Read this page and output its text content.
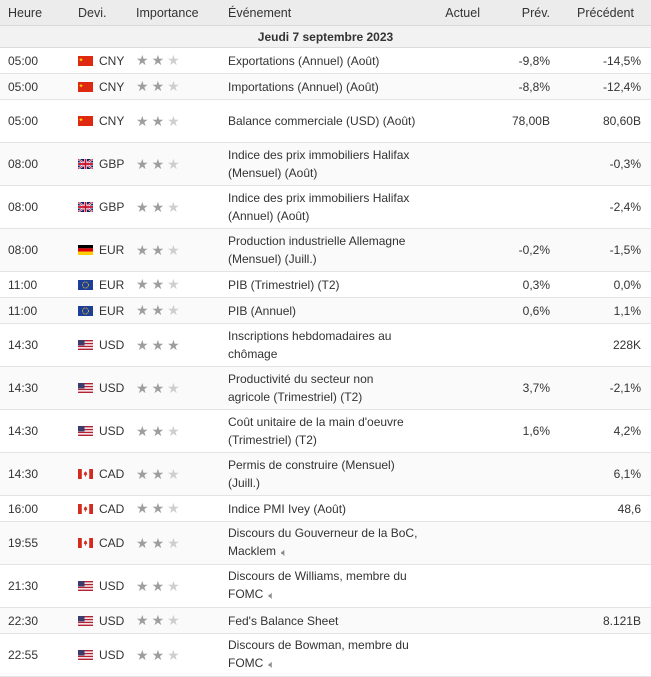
Heure	Devi.	Importance	Événement	Actuel	Prév.	Précédent
Jeudi 7 septembre 2023						
05:00	CNY	★★★	Exportations (Annuel) (Août)		-9,8%	-14,5%
05:00	CNY	★★★	Importations (Annuel) (Août)		-8,8%	-12,4%
05:00	CNY	★★★	Balance commerciale (USD) (Août)		78,00B	80,60B
08:00	GBP	★★★	Indice des prix immobiliers Halifax (Mensuel) (Août)			-0,3%
08:00	GBP	★★★	Indice des prix immobiliers Halifax (Annuel) (Août)			-2,4%
08:00	EUR	★★★	Production industrielle Allemagne (Mensuel) (Juill.)		-0,2%	-1,5%
11:00	EUR	★★★	PIB (Trimestriel) (T2)		0,3%	0,0%
11:00	EUR	★★★	PIB (Annuel)		0,6%	1,1%
14:30	USD	★★★	Inscriptions hebdomadaires au chômage			228K
14:30	USD	★★★	Productivité du secteur non agricole (Trimestriel) (T2)		3,7%	-2,1%
14:30	USD	★★★	Coût unitaire de la main d'oeuvre (Trimestriel) (T2)		1,6%	4,2%
14:30	CAD	★★★	Permis de construire (Mensuel) (Juill.)			6,1%
16:00	CAD	★★★	Indice PMI Ivey (Août)			48,6
19:55	CAD	★★★	Discours du Gouverneur de la BoC, Macklem 🔈︎			
21:30	USD	★★★	Discours de Williams, membre du FOMC 🔈︎			
22:30	USD	★★★	Fed's Balance Sheet			8.121B
22:55	USD	★★★	Discours de Bowman, membre du FOMC 🔈︎			
